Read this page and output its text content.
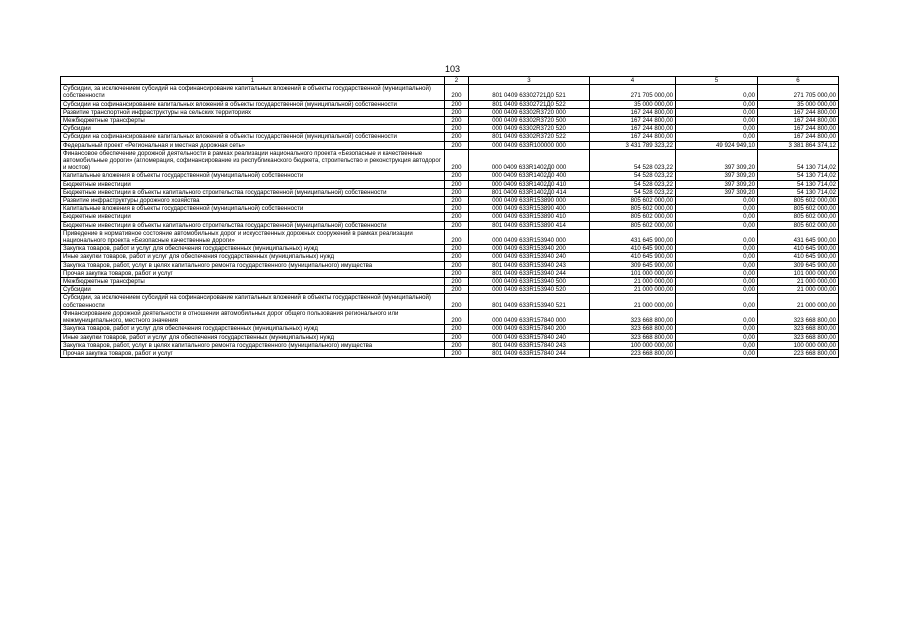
103
1	2	3	4	5	6
Субсидии, за исключением субсидий на софинансирование капитальных вложений в объекты государственной (муниципальной) собственности	200	801 0409 63302721Д0 521	271 705 000,00	0,00	271 705 000,00
Субсидии на софинансирование капитальных вложений в объекты государственной (муниципальной) собственности	200	801 0409 63302721Д0 522	35 000 000,00	0,00	35 000 000,00
Развитие транспортной инфраструктуры на сельских территориях	200	000 0409 63302R3720 000	167 244 800,00	0,00	167 244 800,00
Межбюджетные трансферты	200	000 0409 63302R3720 500	167 244 800,00	0,00	167 244 800,00
Субсидии	200	000 0409 63302R3720 520	167 244 800,00	0,00	167 244 800,00
Субсидии на софинансирование капитальных вложений в объекты государственной (муниципальной) собственности	200	801 0409 63302R3720 522	167 244 800,00	0,00	167 244 800,00
Федеральный проект «Региональная и местная дорожная сеть»	200	000 0409 633R100000 000	3 431 789 323,22	49 924 949,10	3 381 864 374,12
Финансовое обеспечение дорожной деятельности в рамках реализации национального проекта «Безопасные и качественные автомобильные дороги» (агломерация, софинансирование из республиканского бюджета, строительство и реконструкция автодорог и мостов)	200	000 0409 633R1402Д0 000	54 528 023,22	397 309,20	54 130 714,02
Капитальные вложения в объекты государственной (муниципальной) собственности	200	000 0409 633R1402Д0 400	54 528 023,22	397 309,20	54 130 714,02
Бюджетные инвестиции	200	000 0409 633R1402Д0 410	54 528 023,22	397 309,20	54 130 714,02
Бюджетные инвестиции в объекты капитального строительства государственной (муниципальной) собственности	200	801 0409 633R1402Д0 414	54 528 023,22	397 309,20	54 130 714,02
Развитие инфраструктуры дорожного хозяйства	200	000 0409 633R153890 000	805 602 000,00	0,00	805 602 000,00
Капитальные вложения в объекты государственной (муниципальной) собственности	200	000 0409 633R153890 400	805 602 000,00	0,00	805 602 000,00
Бюджетные инвестиции	200	000 0409 633R153890 410	805 602 000,00	0,00	805 602 000,00
Бюджетные инвестиции в объекты капитального строительства государственной (муниципальной) собственности	200	801 0409 633R153890 414	805 602 000,00	0,00	805 602 000,00
Приведение в нормативное состояние автомобильных дорог и искусственных дорожных сооружений в рамках реализации национального проекта «Безопасные качественные дороги»	200	000 0409 633R153940 000	431 645 900,00	0,00	431 645 900,00
Закупка товаров, работ и услуг для обеспечения государственных (муниципальных) нужд	200	000 0409 633R153940 200	410 645 900,00	0,00	410 645 900,00
Иные закупки товаров, работ и услуг для обеспечения государственных (муниципальных) нужд	200	000 0409 633R153940 240	410 645 900,00	0,00	410 645 900,00
Закупка товаров, работ, услуг в целях капитального ремонта государственного (муниципального) имущества	200	801 0409 633R153940 243	309 645 900,00	0,00	309 645 900,00
Прочая закупка товаров, работ и услуг	200	801 0409 633R153940 244	101 000 000,00	0,00	101 000 000,00
Межбюджетные трансферты	200	000 0409 633R153940 500	21 000 000,00	0,00	21 000 000,00
Субсидии	200	000 0409 633R153940 520	21 000 000,00	0,00	21 000 000,00
Субсидии, за исключением субсидий на софинансирование капитальных вложений в объекты государственной (муниципальной) собственности	200	801 0409 633R153940 521	21 000 000,00	0,00	21 000 000,00
Финансирование дорожной деятельности в отношении автомобильных дорог общего пользования регионального или межмуниципального, местного значения	200	000 0409 633R157840 000	323 668 800,00	0,00	323 668 800,00
Закупка товаров, работ и услуг для обеспечения государственных (муниципальных) нужд	200	000 0409 633R157840 200	323 668 800,00	0,00	323 668 800,00
Иные закупки товаров, работ и услуг для обеспечения государственных (муниципальных) нужд	200	000 0409 633R157840 240	323 668 800,00	0,00	323 668 800,00
Закупка товаров, работ, услуг в целях капитального ремонта государственного (муниципального) имущества	200	801 0409 633R157840 243	100 000 000,00	0,00	100 000 000,00
Прочая закупка товаров, работ и услуг	200	801 0409 633R157840 244	223 668 800,00	0,00	223 668 800,00
